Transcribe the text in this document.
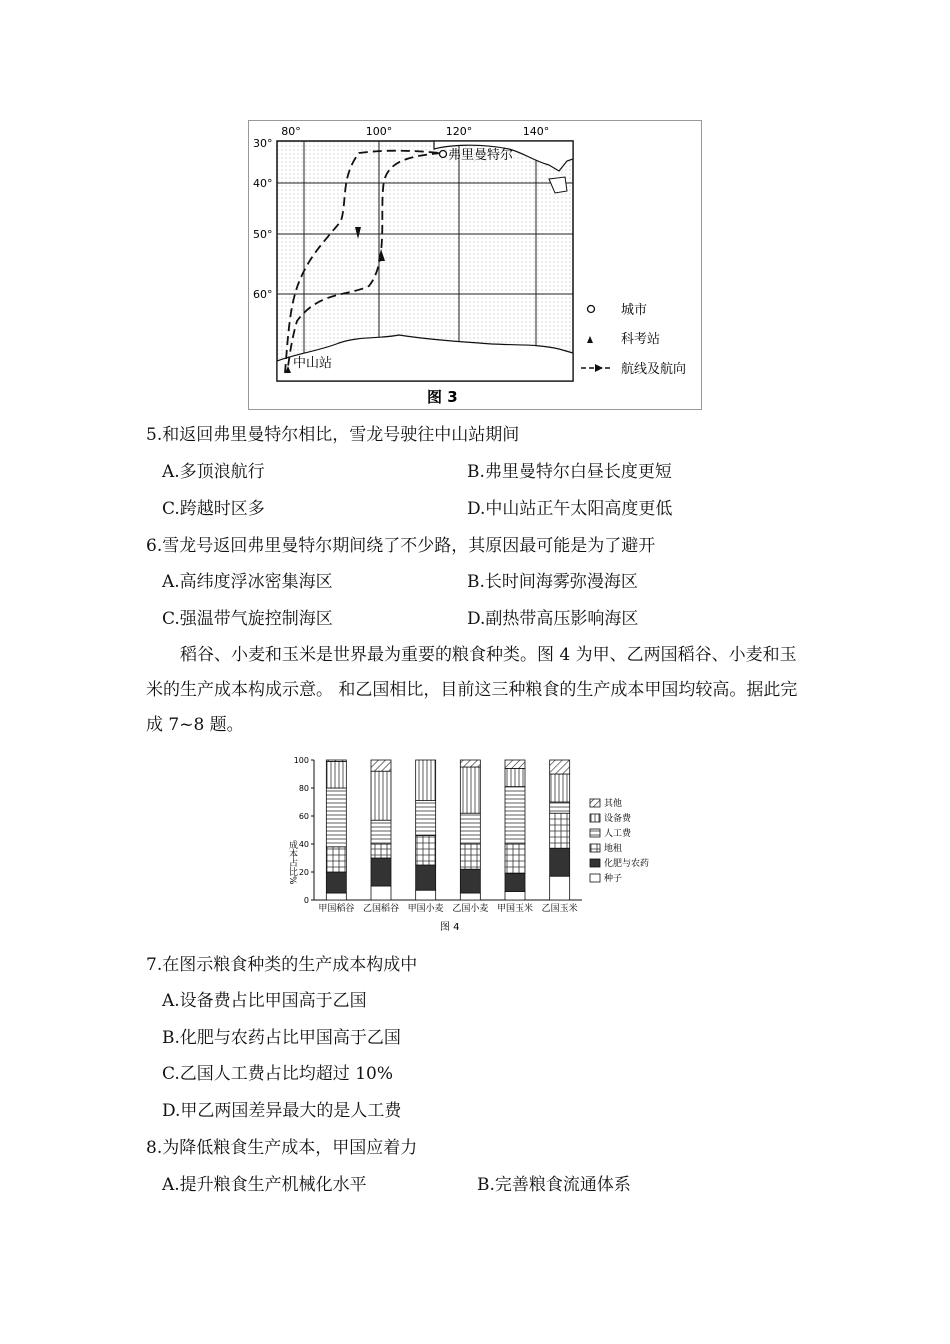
弗里曼特尔
中山站
80°	100°	120°	140°
30°
40°
50°
60°
城市
科考站
航线及航向
图 3
5.和返回弗里曼特尔相比，雪龙号驶往中山站期间
A.多顶浪航行	B.弗里曼特尔白昼长度更短
C.跨越时区多	D.中山站正午太阳高度更低
6.雪龙号返回弗里曼特尔期间绕了不少路，其原因最可能是为了避开
A.高纬度浮冰密集海区	B.长时间海雾弥漫海区
C.强温带气旋控制海区	D.副热带高压影响海区
稻谷、小麦和玉米是世界最为重要的粮食种类。图 4 为甲、乙两国稻谷、小麦和玉米的生产成本构成示意。 和乙国相比，目前这三种粮食的生产成本甲国均较高。据此完成 7~8 题。
0
20
40
60
80
100
甲国稻谷 乙国稻谷 甲国小麦 乙国小麦 甲国玉米 乙国玉米
其他
设备费
人工费
地租
化肥与农药
种子
成本占比%
图 4
7.在图示粮食种类的生产成本构成中
A.设备费占比甲国高于乙国
B.化肥与农药占比甲国高于乙国
C.乙国人工费占比均超过 10%
D.甲乙两国差异最大的是人工费
8.为降低粮食生产成本，甲国应着力
A.提升粮食生产机械化水平	B.完善粮食流通体系
